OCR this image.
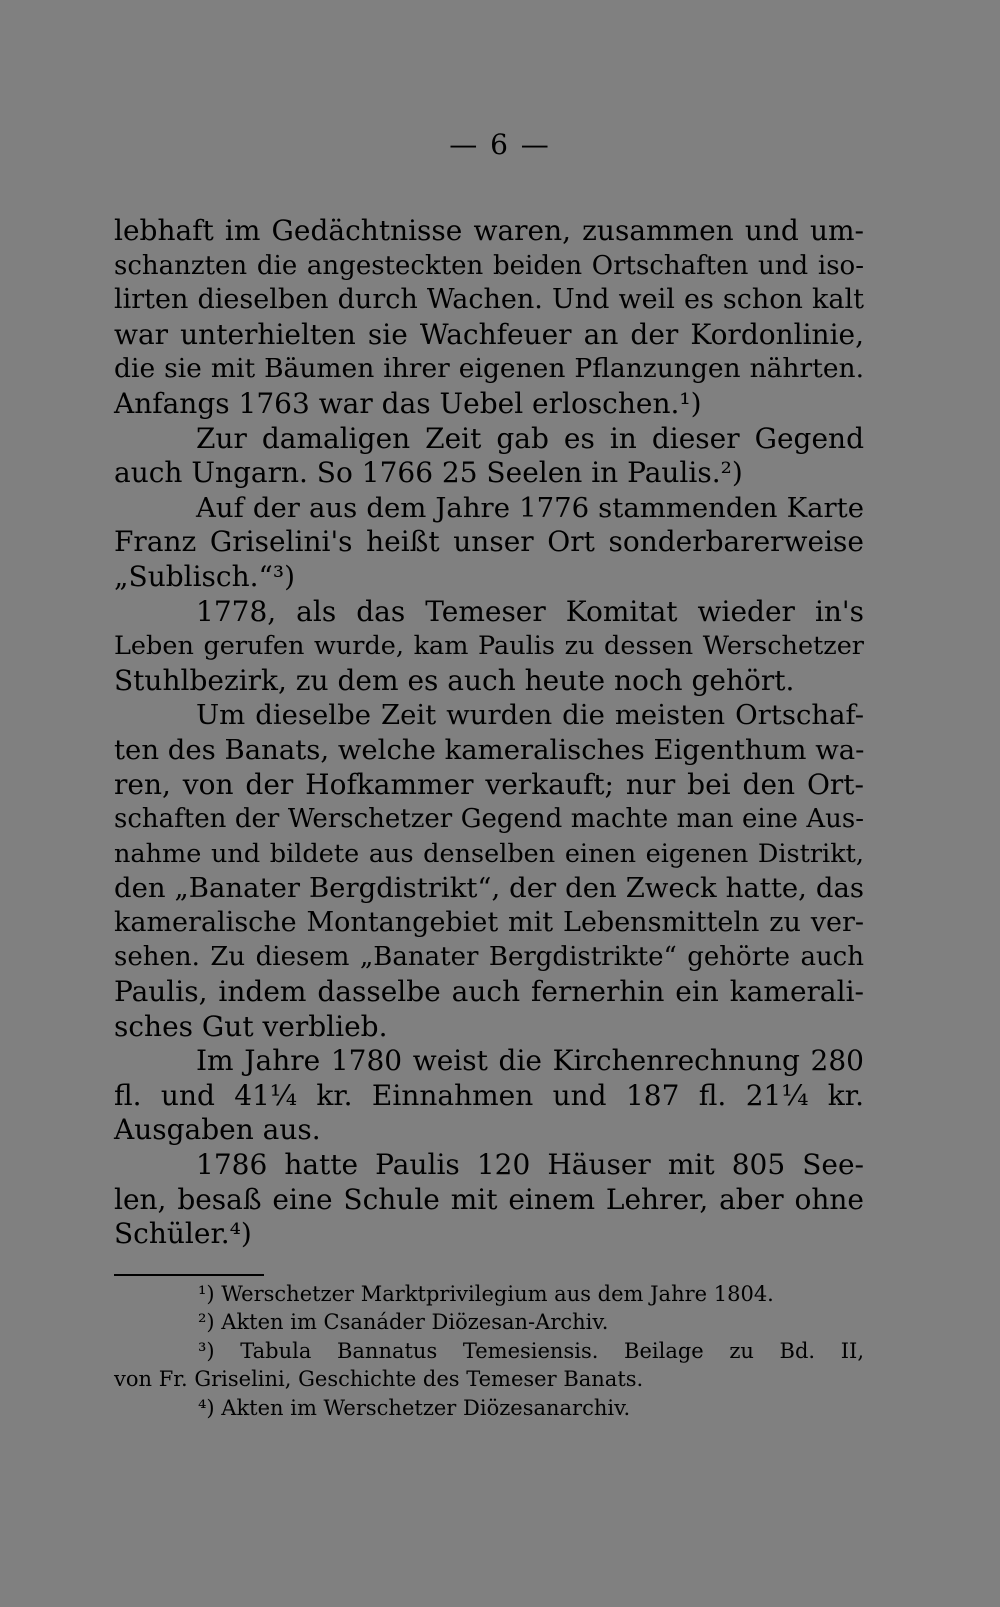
— 6 —
lebhaft im Gedächtnisse waren, zusammen und um-
schanzten die angesteckten beiden Ortschaften und iso-
lirten dieselben durch Wachen. Und weil es schon kalt
war unterhielten sie Wachfeuer an der Kordonlinie,
die sie mit Bäumen ihrer eigenen Pflanzungen nährten.
Anfangs 1763 war das Uebel erloschen.¹)
Zur damaligen Zeit gab es in dieser Gegend
auch Ungarn. So 1766 25 Seelen in Paulis.²)
Auf der aus dem Jahre 1776 stammenden Karte
Franz Griselini's heißt unser Ort sonderbarerweise
„Sublisch.“³)
1778, als das Temeser Komitat wieder in's
Leben gerufen wurde, kam Paulis zu dessen Werschetzer
Stuhlbezirk, zu dem es auch heute noch gehört.
Um dieselbe Zeit wurden die meisten Ortschaf-
ten des Banats, welche kameralisches Eigenthum wa-
ren, von der Hofkammer verkauft; nur bei den Ort-
schaften der Werschetzer Gegend machte man eine Aus-
nahme und bildete aus denselben einen eigenen Distrikt,
den „Banater Bergdistrikt“, der den Zweck hatte, das
kameralische Montangebiet mit Lebensmitteln zu ver-
sehen. Zu diesem „Banater Bergdistrikte“ gehörte auch
Paulis, indem dasselbe auch fernerhin ein kamerali-
sches Gut verblieb.
Im Jahre 1780 weist die Kirchenrechnung 280
fl. und 41¼ kr. Einnahmen und 187 fl. 21¼ kr.
Ausgaben aus.
1786 hatte Paulis 120 Häuser mit 805 See-
len, besaß eine Schule mit einem Lehrer, aber ohne
Schüler.⁴)
¹) Werschetzer Marktprivilegium aus dem Jahre 1804.
²) Akten im Csanáder Diözesan-Archiv.
³) Tabula Bannatus Temesiensis. Beilage zu Bd. II,
von Fr. Griselini, Geschichte des Temeser Banats.
⁴) Akten im Werschetzer Diözesanarchiv.
